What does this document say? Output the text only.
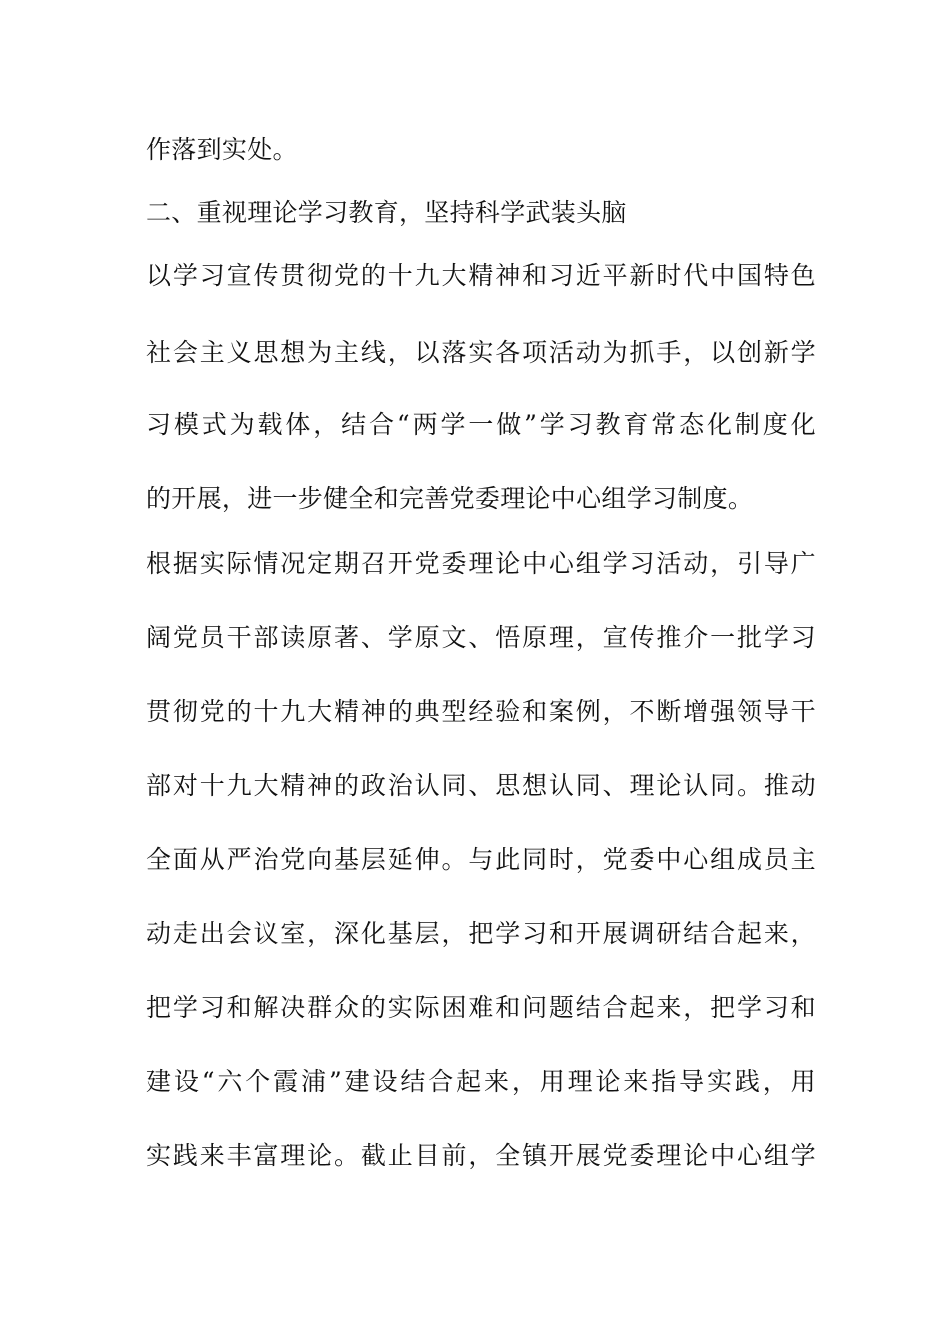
作落到实处。
二、重视理论学习教育，坚持科学武装头脑
以学习宣传贯彻党的十九大精神和习近平新时代中国特色
社会主义思想为主线，以落实各项活动为抓手，以创新学
习模式为载体，结合“两学一做”学习教育常态化制度化
的开展，进一步健全和完善党委理论中心组学习制度。
根据实际情况定期召开党委理论中心组学习活动，引导广
阔党员干部读原著、学原文、悟原理，宣传推介一批学习
贯彻党的十九大精神的典型经验和案例，不断增强领导干
部对十九大精神的政治认同、思想认同、理论认同。推动
全面从严治党向基层延伸。与此同时，党委中心组成员主
动走出会议室，深化基层，把学习和开展调研结合起来，
把学习和解决群众的实际困难和问题结合起来，把学习和
建设“六个霞浦”建设结合起来，用理论来指导实践，用
实践来丰富理论。截止目前，全镇开展党委理论中心组学
